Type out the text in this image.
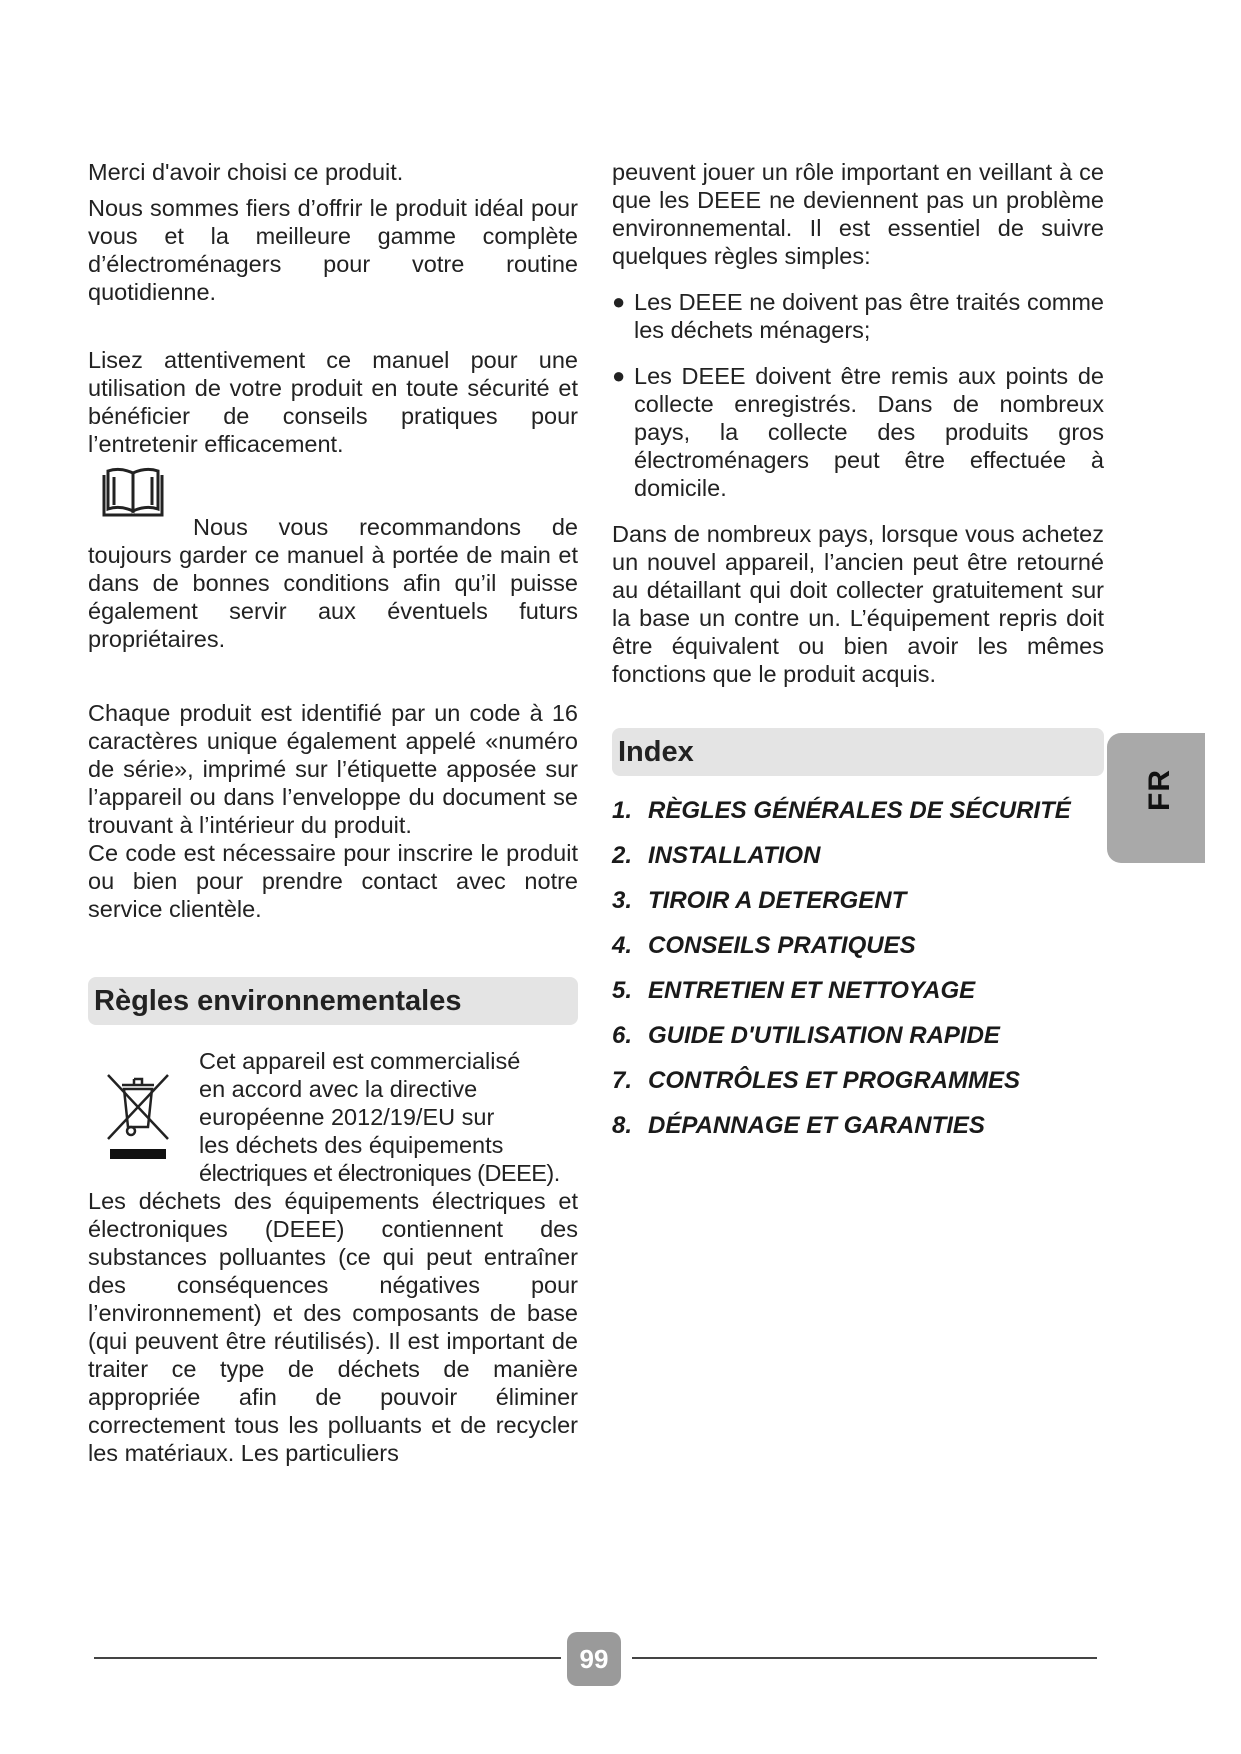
Merci d'avoir choisi ce produit.

Nous sommes fiers d’offrir le produit idéal pour vous et la meilleure gamme complète d’électroménagers pour votre routine quotidienne.

Lisez attentivement ce manuel pour une utilisation de votre produit en toute sécurité et bénéficier de conseils pratiques pour l’entretenir efficacement.

Nous vous recommandons de toujours garder ce manuel à portée de main et dans de bonnes conditions afin qu’il puisse également servir aux éventuels futurs propriétaires.

Chaque produit est identifié par un code à 16 caractères unique également appelé «numéro de série», imprimé sur l’étiquette apposée sur l’appareil ou dans l’enveloppe du document se trouvant à l’intérieur du produit.

Ce code est nécessaire pour inscrire le produit ou bien pour prendre contact avec notre service clientèle.

Règles environnementales

Cet appareil est commercialisé

en accord avec la directive

européenne 2012/19/EU sur

les déchets des équipements

électriques et électroniques (DEEE).

Les déchets des équipements électriques et électroniques (DEEE) contiennent des substances polluantes (ce qui peut entraîner des conséquences négatives pour l’environnement) et des composants de base (qui peuvent être réutilisés). Il est important de traiter ce type de déchets de manière appropriée afin de pouvoir éliminer correctement tous les polluants et de recycler les matériaux. Les particuliers

peuvent jouer un rôle important en veillant à ce que les DEEE ne deviennent pas un problème environnemental. Il est essentiel de suivre quelques règles simples:

● Les DEEE ne doivent pas être traités comme les déchets ménagers;
● Les DEEE doivent être remis aux points de collecte enregistrés. Dans de nombreux pays, la collecte des produits gros électroménagers peut être effectuée à domicile.

Dans de nombreux pays, lorsque vous achetez un nouvel appareil, l’ancien peut être retourné au détaillant qui doit collecter gratuitement sur la base un contre un. L’équipement repris doit être équivalent ou bien avoir les mêmes fonctions que le produit acquis.

Index
1. RÈGLES GÉNÉRALES DE SÉCURITÉ
2. INSTALLATION
3. TIROIR A DETERGENT
4. CONSEILS PRATIQUES
5. ENTRETIEN ET NETTOYAGE
6. GUIDE D'UTILISATION RAPIDE
7. CONTRÔLES ET PROGRAMMES
8. DÉPANNAGE ET GARANTIES
FR
99
